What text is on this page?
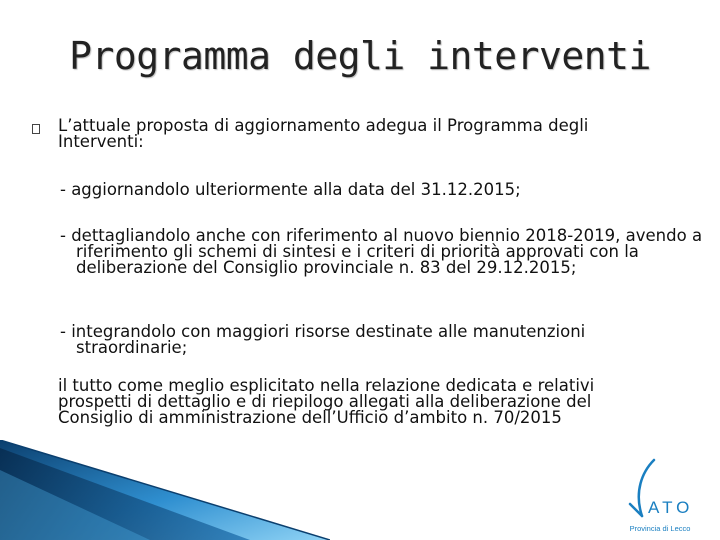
Programma degli interventi

L’attuale proposta di aggiornamento adegua il Programma degli Interventi:

- aggiornandolo ulteriormente alla data del 31.12.2015;

- dettagliandolo anche con riferimento al nuovo biennio 2018-2019, avendo a riferimento gli schemi di sintesi e i criteri di priorità approvati con la deliberazione del Consiglio provinciale n. 83 del 29.12.2015;

- integrandolo con maggiori risorse destinate alle manutenzioni straordinarie;

il tutto come meglio esplicitato nella relazione dedicata e relativi prospetti di dettaglio e di riepilogo allegati alla deliberazione del Consiglio di amministrazione dell’Ufficio d’ambito n. 70/2015

ATO
Provincia di Lecco
